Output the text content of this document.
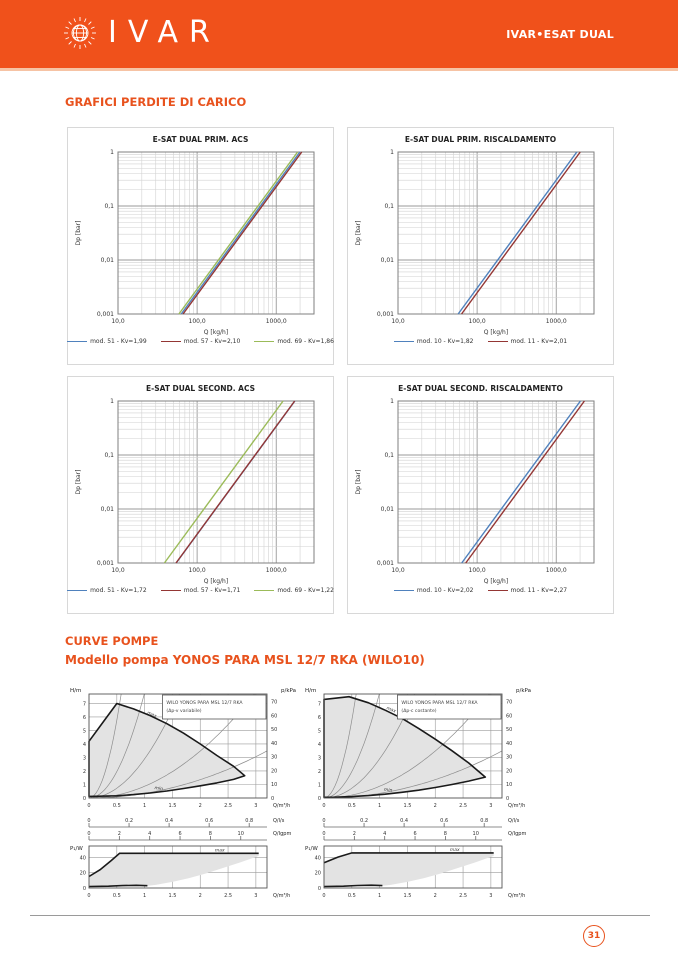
IVAR	IVAR•ESAT DUAL
GRAFICI PERDITE DI CARICO
E-SAT DUAL PRIM. ACS
10,0	100,0	1000,0
1
0,1
0,01
0,001
Q [kg/h]
Dp [bar]
mod. 51 - Kv=1,99	mod. 57 - Kv=2,10	mod. 69 - Kv=1,86
E-SAT DUAL PRIM. RISCALDAMENTO
10,0	100,0	1000,0
1
0,1
0,01
0,001
Q [kg/h]
Dp [bar]
mod. 10 - Kv=1,82	mod. 11 - Kv=2,01
E-SAT DUAL SECOND. ACS
10,0	100,0	1000,0
1
0,1
0,01
0,001
Q [kg/h]
Dp [bar]
mod. 51 - Kv=1,72	mod. 57 - Kv=1,71	mod. 69 - Kv=1,22
E-SAT DUAL SECOND. RISCALDAMENTO
10,0	100,0	1000,0
1
0,1
0,01
0,001
Q [kg/h]
Dp [bar]
mod. 10 - Kv=2,02	mod. 11 - Kv=2,27
CURVE POMPE
Modello pompa YONOS PARA MSL 12/7 RKA (WILO10)
WILO YONOS PARA MSL 12/7 RKA
(Δp-v variabile)
max
min
H/m	p/kPa
0
1
2
3
4
5
6
7
0
10
20
30
40
50
60
70
0	0.5	1	1.5	2	2.5	3	Q/m³/h
0	0.2	0.4	0.6	0.8	Q/l/s
0	2	4	6	8	10	Q/Igpm
max
P₁/W
0
20
40
0	0.5	1	1.5	2	2.5	3	Q/m³/h
WILO YONOS PARA MSL 12/7 RKA
(Δp-c costante)
max
min
H/m	p/kPa
0
1
2
3
4
5
6
7
0
10
20
30
40
50
60
70
0	0.5	1	1.5	2	2.5	3	Q/m³/h
0	0.2	0.4	0.6	0.8	Q/l/s
0	2	4	6	8	10	Q/Igpm
max
P₁/W
0
20
40
0	0.5	1	1.5	2	2.5	3	Q/m³/h
31
